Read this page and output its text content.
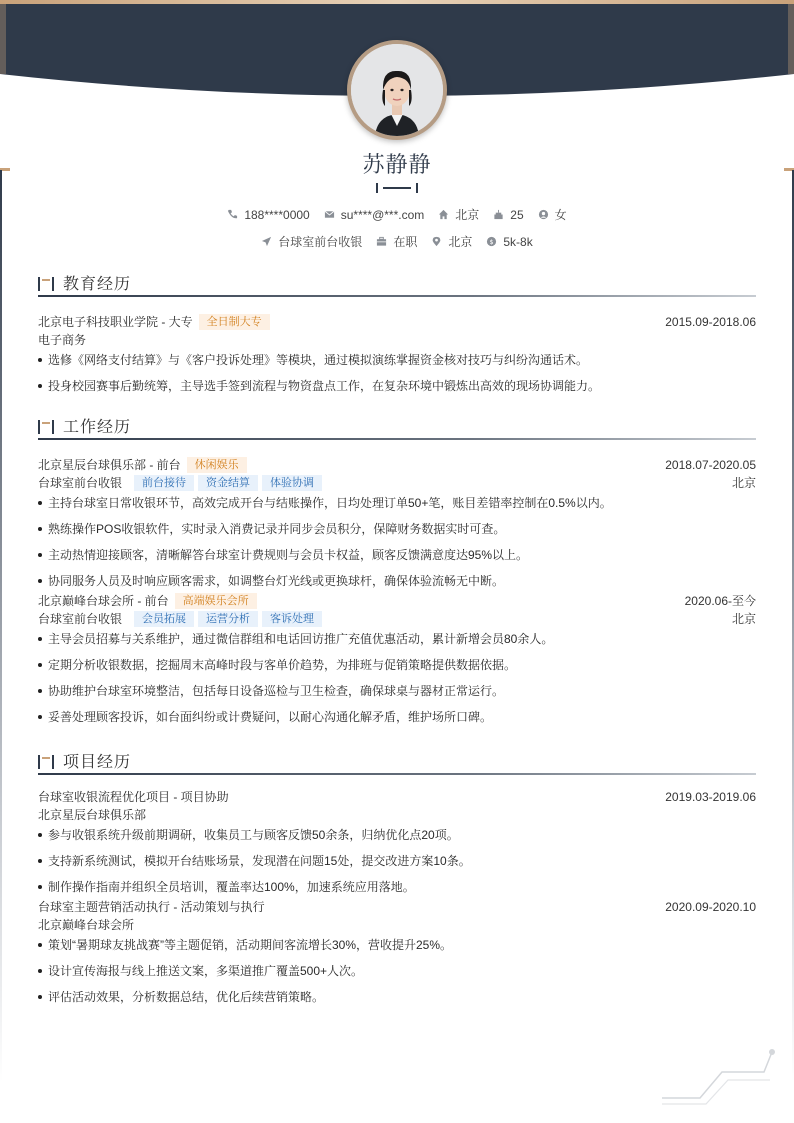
苏静静
188****0000	su****@***.com	北京	25	女
台球室前台收银	在职	北京 $ 5k-8k
教育经历
北京电子科技职业学院 - 大专	全日制大专	2015.09-2018.06
电子商务
选修《网络支付结算》与《客户投诉处理》等模块，通过模拟演练掌握资金核对技巧与纠纷沟通话术。
投身校园赛事后勤统筹，主导选手签到流程与物资盘点工作，在复杂环境中锻炼出高效的现场协调能力。
工作经历
北京星辰台球俱乐部 - 前台	休闲娱乐	2018.07-2020.05
台球室前台收银	前台接待	资金结算	体验协调	北京
主持台球室日常收银环节，高效完成开台与结账操作，日均处理订单50+笔，账目差错率控制在0.5%以内。
熟练操作POS收银软件，实时录入消费记录并同步会员积分，保障财务数据实时可查。
主动热情迎接顾客，清晰解答台球室计费规则与会员卡权益，顾客反馈满意度达95%以上。
协同服务人员及时响应顾客需求，如调整台灯光线或更换球杆，确保体验流畅无中断。
北京巅峰台球会所 - 前台	高端娱乐会所	2020.06-至今
台球室前台收银	会员拓展	运营分析	客诉处理	北京
主导会员招募与关系维护，通过微信群组和电话回访推广充值优惠活动，累计新增会员80余人。
定期分析收银数据，挖掘周末高峰时段与客单价趋势，为排班与促销策略提供数据依据。
协助维护台球室环境整洁，包括每日设备巡检与卫生检查，确保球桌与器材正常运行。
妥善处理顾客投诉，如台面纠纷或计费疑问，以耐心沟通化解矛盾，维护场所口碑。
项目经历
台球室收银流程优化项目 - 项目协助	2019.03-2019.06
北京星辰台球俱乐部
参与收银系统升级前期调研，收集员工与顾客反馈50余条，归纳优化点20项。
支持新系统测试，模拟开台结账场景，发现潜在问题15处，提交改进方案10条。
制作操作指南并组织全员培训，覆盖率达100%，加速系统应用落地。
台球室主题营销活动执行 - 活动策划与执行	2020.09-2020.10
北京巅峰台球会所
策划“暑期球友挑战赛”等主题促销，活动期间客流增长30%，营收提升25%。
设计宣传海报与线上推送文案，多渠道推广覆盖500+人次。
评估活动效果，分析数据总结，优化后续营销策略。
